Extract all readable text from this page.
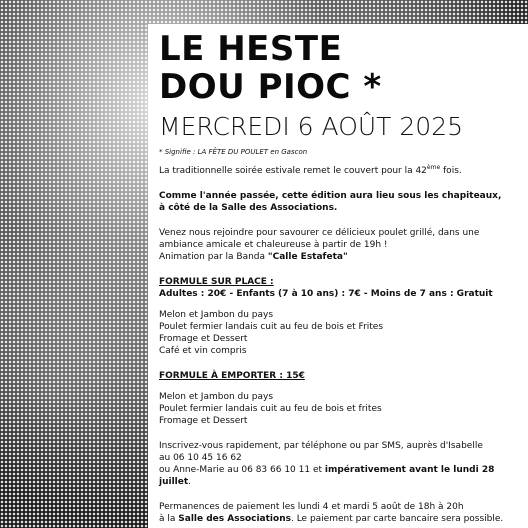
LE HESTE
DOU PIOC *
MERCREDI 6 AOÛT 2025
* Signifie : LA FÊTE DU POULET en Gascon

La traditionnelle soirée estivale remet le couvert pour la 42ème fois.

Comme l'année passée, cette édition aura lieu sous les chapiteaux,
à côté de la Salle des Associations.

Venez nous rejoindre pour savourer ce délicieux poulet grillé, dans une
ambiance amicale et chaleureuse à partir de 19h !
Animation par la Banda "Calle Estafeta"

FORMULE SUR PLACE :

Adultes : 20€ - Enfants (7 à 10 ans) : 7€ - Moins de 7 ans : Gratuit

Melon et Jambon du pays

Poulet fermier landais cuit au feu de bois et Frites

Fromage et Dessert

Café et vin compris

FORMULE À EMPORTER : 15€

Melon et Jambon du pays

Poulet fermier landais cuit au feu de bois et frites

Fromage et Dessert

Inscrivez-vous rapidement, par téléphone ou par SMS, auprès d'Isabelle
au 06 10 45 16 62
ou Anne-Marie au 06 83 66 10 11 et impérativement avant le lundi 28
juillet.

Permanences de paiement les lundi 4 et mardi 5 août de 18h à 20h
à la Salle des Associations. Le paiement par carte bancaire sera possible.
